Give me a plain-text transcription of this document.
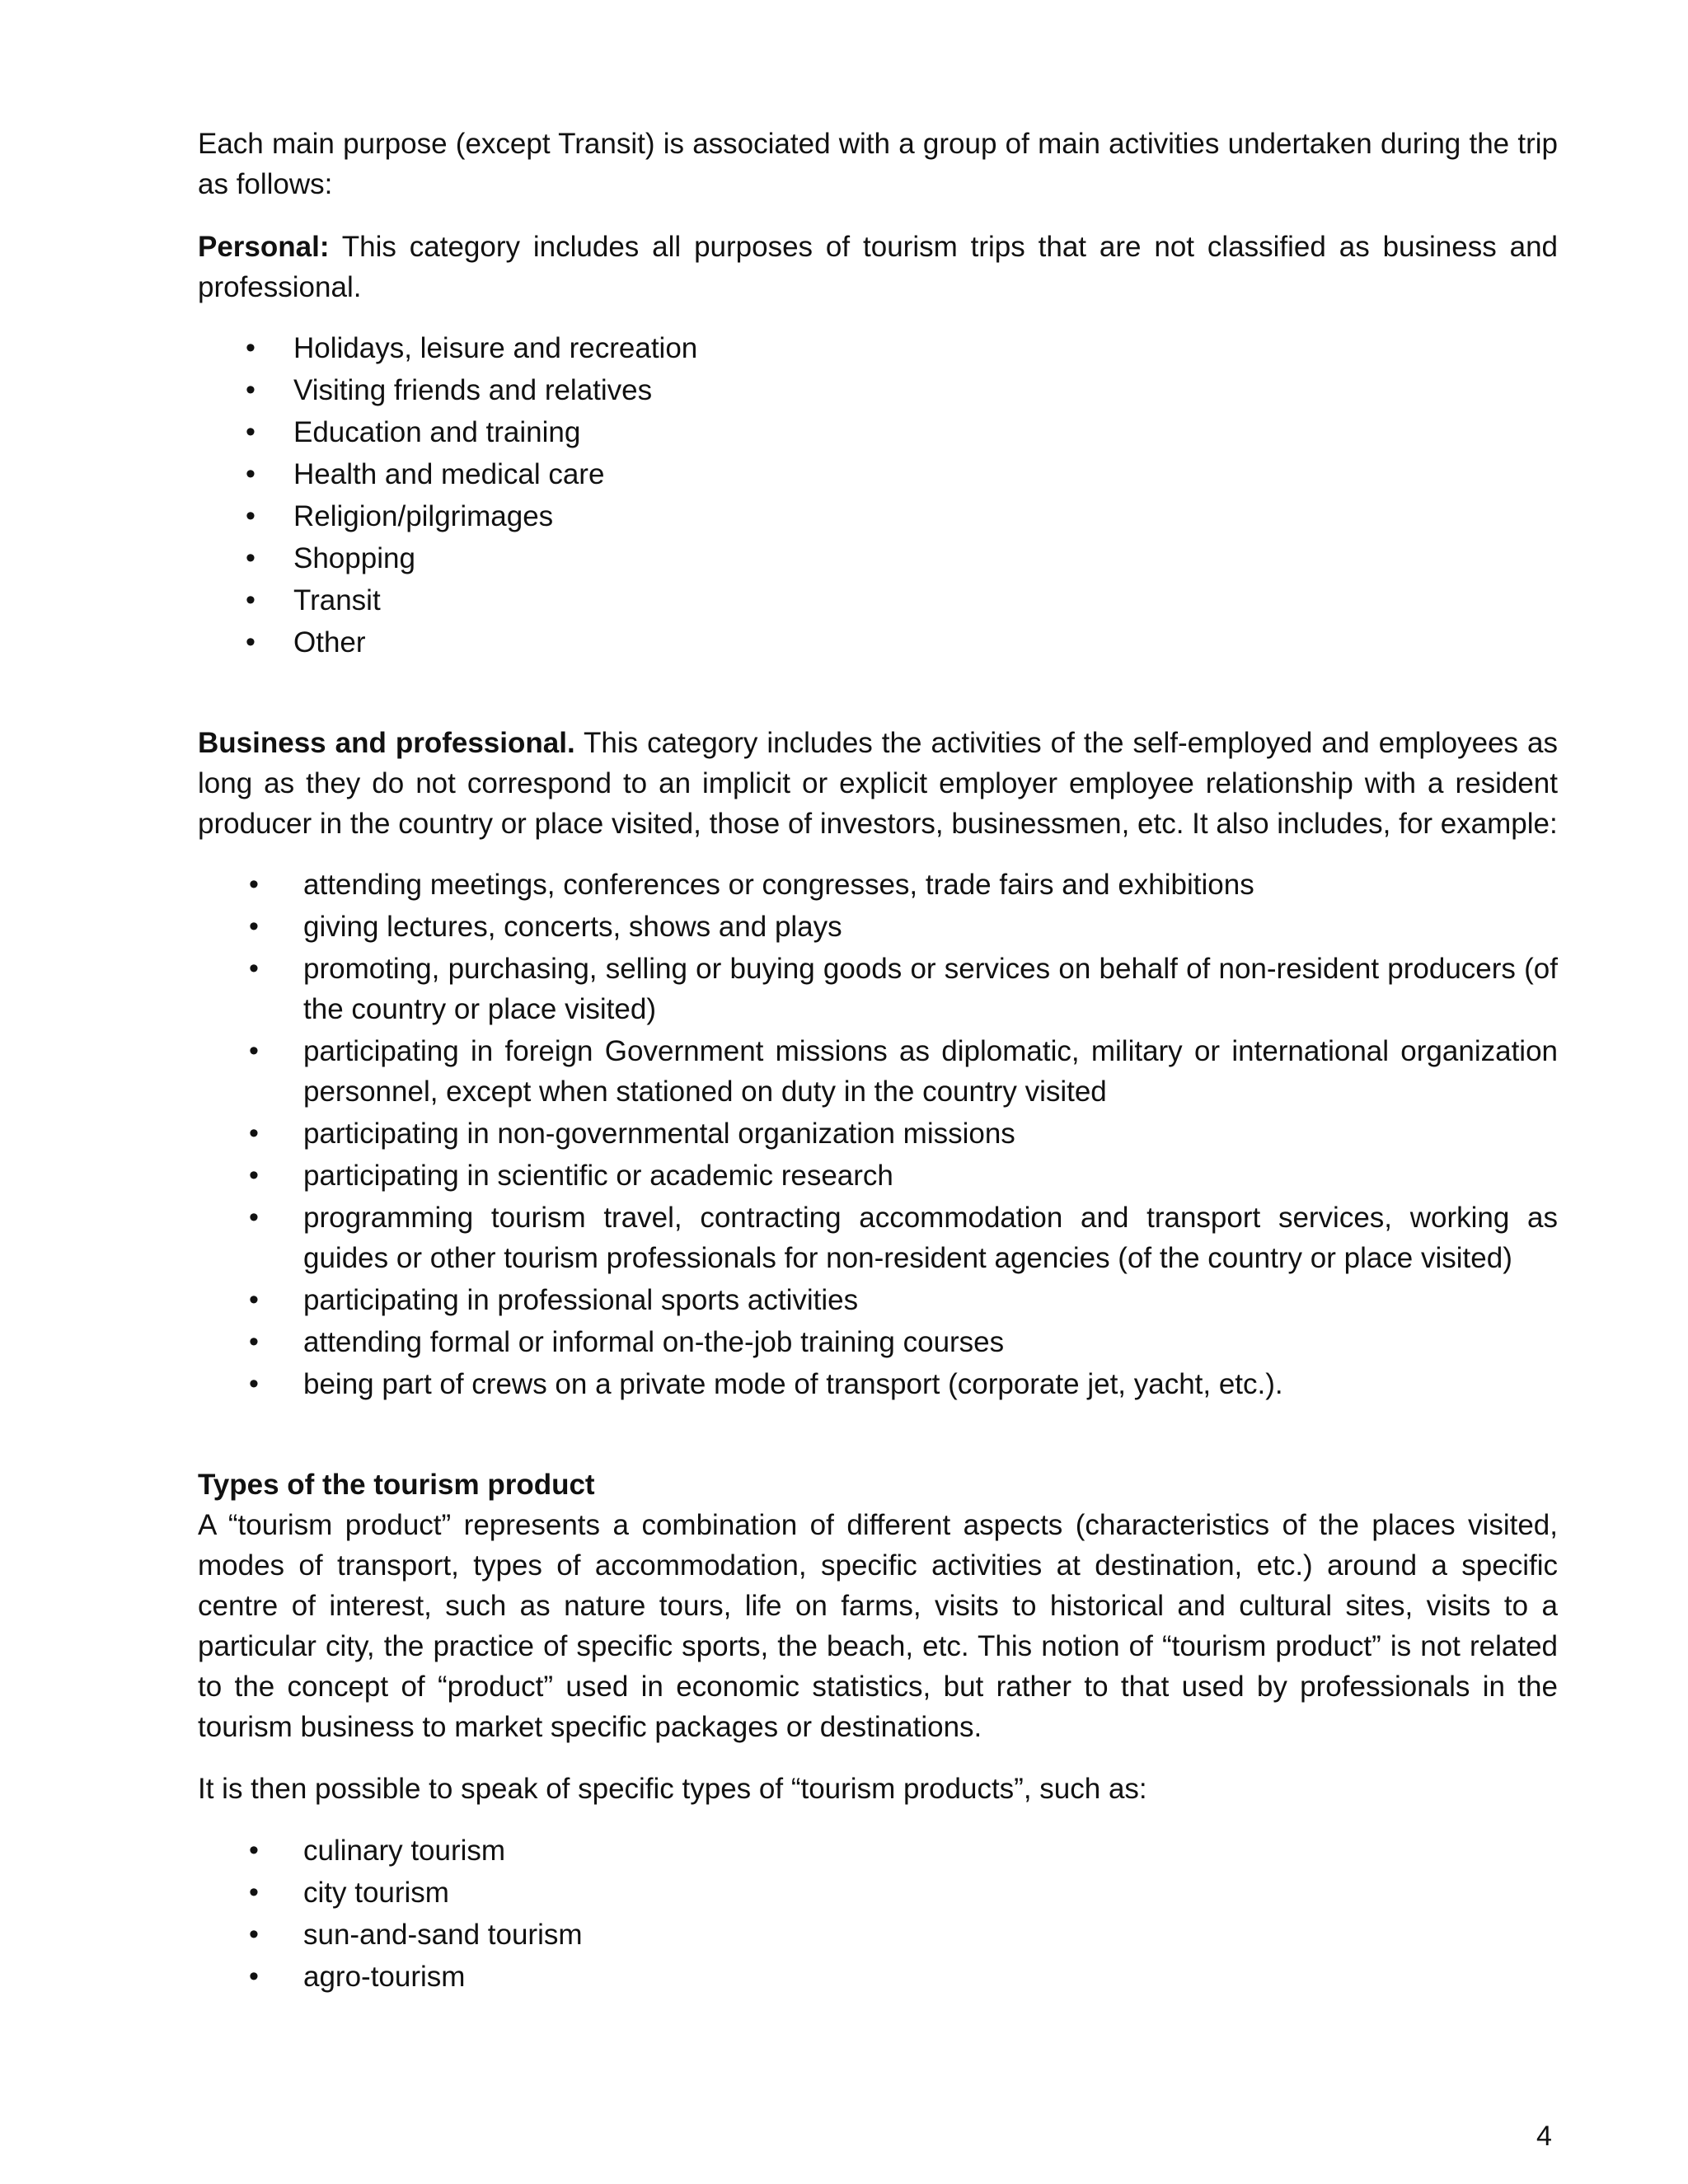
Each main purpose (except Transit) is associated with a group of main activities undertaken during the trip as follows:

Personal: This category includes all purposes of tourism trips that are not classified as business and professional.

• Holidays, leisure and recreation
• Visiting friends and relatives
• Education and training
• Health and medical care
• Religion/pilgrimages
• Shopping
• Transit
• Other

Business and professional. This category includes the activities of the self-employed and employees as long as they do not correspond to an implicit or explicit employer employee relationship with a resident producer in the country or place visited, those of investors, businessmen, etc. It also includes, for example:

• attending meetings, conferences or congresses, trade fairs and exhibitions
• giving lectures, concerts, shows and plays
• promoting, purchasing, selling or buying goods or services on behalf of non-resident producers (of the country or place visited)
• participating in foreign Government missions as diplomatic, military or international organization personnel, except when stationed on duty in the country visited
• participating in non-governmental organization missions
• participating in scientific or academic research
• programming tourism travel, contracting accommodation and transport services, working as guides or other tourism professionals for non-resident agencies (of the country or place visited)
• participating in professional sports activities
• attending formal or informal on-the-job training courses
• being part of crews on a private mode of transport (corporate jet, yacht, etc.).

Types of the tourism product

A “tourism product” represents a combination of different aspects (characteristics of the places visited, modes of transport, types of accommodation, specific activities at destination, etc.) around a specific centre of interest, such as nature tours, life on farms, visits to historical and cultural sites, visits to a particular city, the practice of specific sports, the beach, etc. This notion of “tourism product” is not related to the concept of “product” used in economic statistics, but rather to that used by professionals in the tourism business to market specific packages or destinations.

It is then possible to speak of specific types of “tourism products”, such as:

• culinary tourism
• city tourism
• sun-and-sand tourism
• agro-tourism
4
